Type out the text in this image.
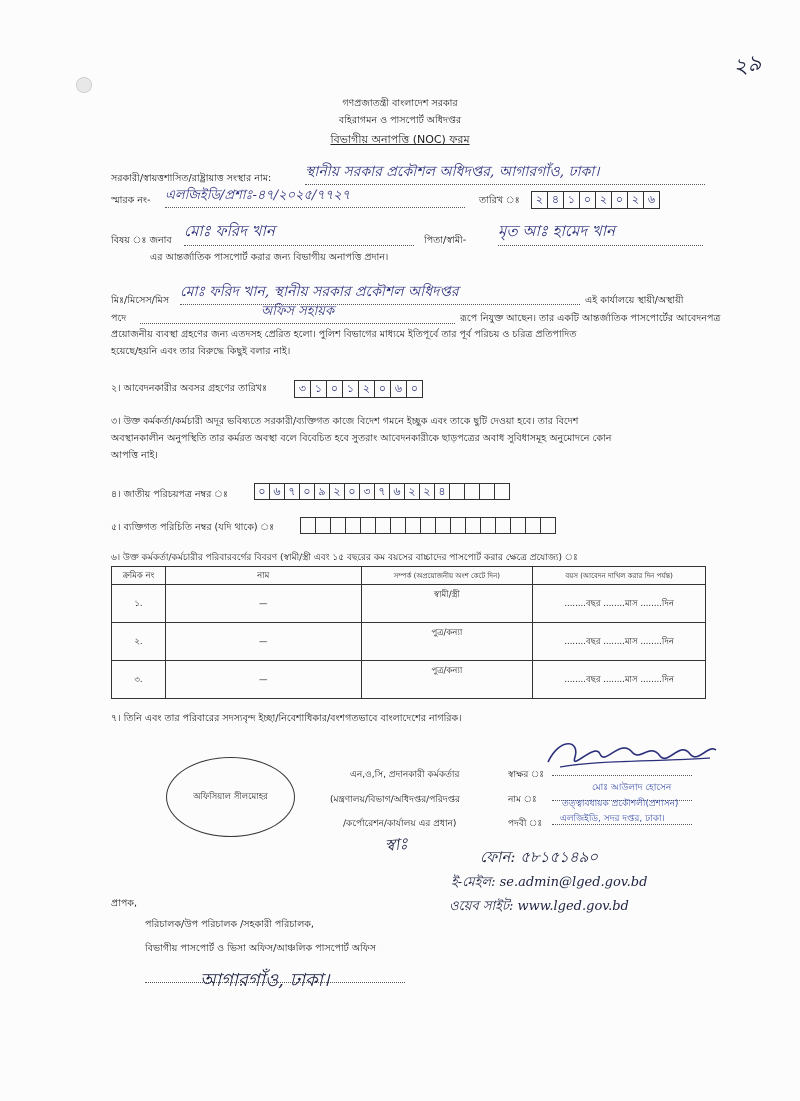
২৯
গণপ্রজাতন্ত্রী বাংলাদেশ সরকার
বহিরাগমন ও পাসপোর্ট অধিদপ্তর
বিভাগীয় অনাপত্তি (NOC) ফরম
সরকারী/স্বায়ত্তশাসিত/রাষ্ট্রায়াত্ত সংস্থার নাম: স্থানীয় সরকার প্রকৌশল অধিদপ্তর, আগারগাঁও, ঢাকা।
স্মারক নং- এলজিইডি/প্রশাঃ-৪৭/২০২৫/৭৭২৭	তারিখ ঃ	২ ৪ ১ ০ ২ ০ ২ ৬
বিষয় ঃ জনাব
মোঃ ফরিদ খান
পিতা/স্বামী-
মৃত আঃ হামেদ খান
এর আন্তর্জাতিক পাসপোর্ট করার জন্য বিভাগীয় অনাপত্তি প্রদান।
মিঃ/মিসেস/মিস
মোঃ ফরিদ খান, স্থানীয় সরকার প্রকৌশল অধিদপ্তর
এই কার্যালয়ে স্থায়ী/অস্থায়ী
পদে	অফিস সহায়ক	রূপে নিযুক্ত আছেন। তার একটি আন্তর্জাতিক পাসপোর্টের আবেদনপত্র
প্রয়োজনীয় ব্যবস্থা গ্রহণের জন্য এতদসহ প্রেরিত হলো। পুলিশ বিভাগের মাধ্যমে ইতিপূর্বে তার পূর্ব পরিচয় ও চরিত্র প্রতিপাদিত
হয়েছে/হয়নি এবং তার বিরুদ্ধে কিছুই বলার নাই।
২। আবেদনকারীর অবসর গ্রহণের তারিখঃ	৩ ১ ০ ১ ২ ০ ৬ ০
৩। উক্ত কর্মকর্তা/কর্মচারী অদূর ভবিষ্যতে সরকারী/ব্যক্তিগত কাজে বিদেশ গমনে ইচ্ছুক এবং তাকে ছুটি দেওয়া হবে। তার বিদেশ
অবস্থানকালীন অনুপস্থিতি তার কর্মরত অবস্থা বলে বিবেচিত হবে সুতরাং আবেদনকারীকে ছাড়পত্রের অবাধ সুবিধাসমূহ অনুমোদনে কোন
আপত্তি নাই।
৪। জাতীয় পরিচয়পত্র নম্বর ঃ	০ ৬ ৭ ০ ৯ ২ ০ ৩ ৭ ৬ ২ ২ ৪
৫। ব্যক্তিগত পরিচিতি নম্বর (যদি থাকে) ঃ
৬। উক্ত কর্মকর্তা/কর্মচারীর পরিবারবর্গের বিবরণ (স্বামী/স্ত্রী এবং ১৫ বছরের কম বয়সের বাচ্চাদের পাসপোর্ট করার ক্ষেত্রে প্রযোজ্য) ঃ
ক্রমিক নং	নাম	সম্পর্ক (অপ্রয়োজনীয় অংশ কেটে দিন)	বয়স (আবেদন দাখিল করার দিন পর্যন্ত)
১.	—	স্বামী/স্ত্রী	........বছর ........মাস ........দিন
২.	—	পুত্র/কন্যা	........বছর ........মাস ........দিন
৩.	—	পুত্র/কন্যা	........বছর ........মাস ........দিন
৭। তিনি এবং তার পরিবারের সদস্যবৃন্দ ইচ্ছা/নিবেশাধিকার/বংশগতভাবে বাংলাদেশের নাগরিক।
অফিসিয়াল সীলমোহর
এন,ও,সি, প্রদানকারী কর্মকর্তার
(মন্ত্রণালয়/বিভাগ/অধিদপ্তর/পরিদপ্তর
/কর্পোরেশন/কার্যালয় এর প্রধান)
স্বাক্ষর ঃ
নাম ঃ
মোঃ আউলাদ হোসেন
তত্ত্বাবধায়ক প্রকৌশলী(প্রশাসন)
পদবী ঃ এলজিইডি, সদর দপ্তর, ঢাকা।
স্বাঃ
ফোন: ৫৮১৫১৪৯০
ই-মেইল: se.admin@lged.gov.bd
ওয়েব সাইট: www.lged.gov.bd
প্রাপক,
পরিচালক/উপ পরিচালক /সহকারী পরিচালক,
বিভাগীয় পাসপোর্ট ও ভিসা অফিস/আঞ্চলিক পাসপোর্ট অফিস
আগারগাঁও, ঢাকা।
